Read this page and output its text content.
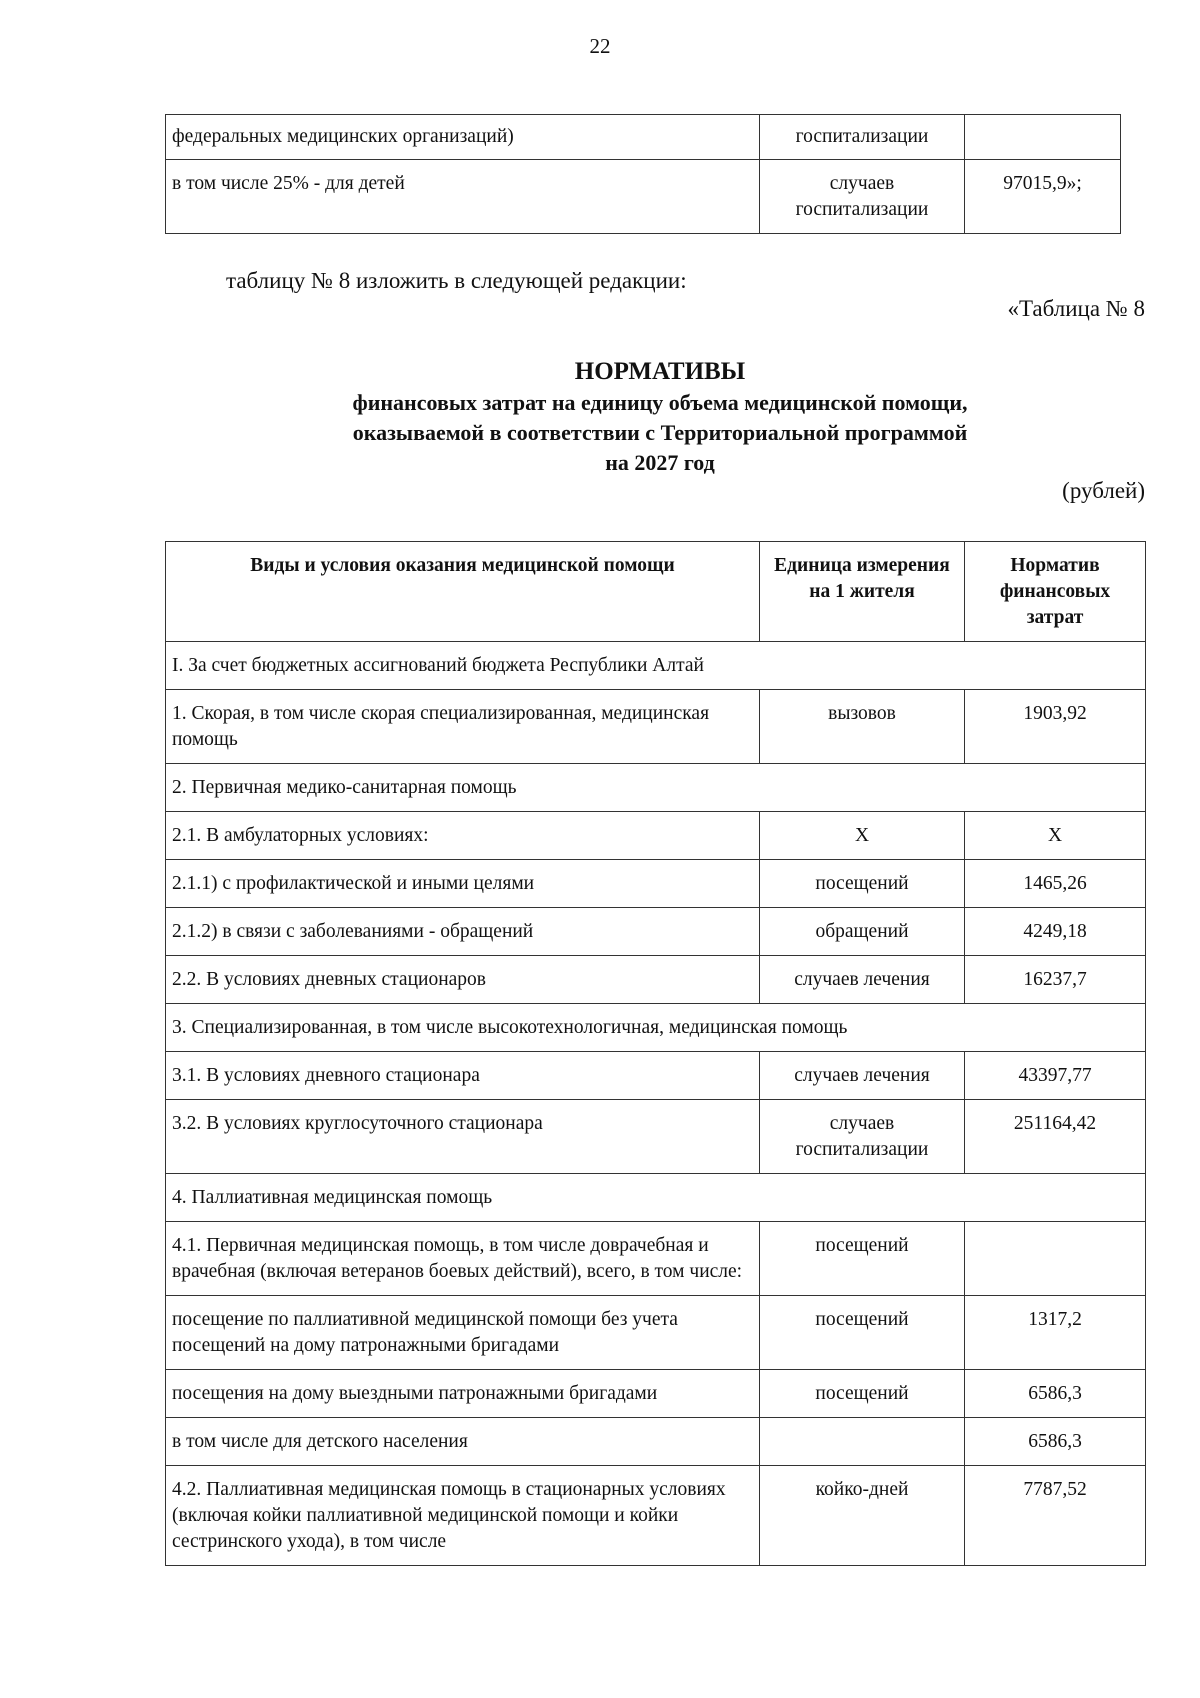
22
федеральных медицинских организаций)	госпитализации	
в том числе 25% - для детей	случаев госпитализации	97015,9»;
таблицу № 8 изложить в следующей редакции:
«Таблица № 8
НОРМАТИВЫ
финансовых затрат на единицу объема медицинской помощи,
оказываемой в соответствии с Территориальной программой
на 2027 год
(рублей)
Виды и условия оказания медицинской помощи	Единица измерения на 1 жителя	Норматив финансовых затрат
I. За счет бюджетных ассигнований бюджета Республики Алтай		
1. Скорая, в том числе скорая специализированная, медицинская помощь	вызовов	1903,92
2. Первичная медико-санитарная помощь		
2.1. В амбулаторных условиях:	Х	Х
2.1.1) с профилактической и иными целями	посещений	1465,26
2.1.2) в связи с заболеваниями - обращений	обращений	4249,18
2.2. В условиях дневных стационаров	случаев лечения	16237,7
3. Специализированная, в том числе высокотехнологичная, медицинская помощь		
3.1. В условиях дневного стационара	случаев лечения	43397,77
3.2. В условиях круглосуточного стационара	случаев госпитализации	251164,42
4. Паллиативная медицинская помощь		
4.1. Первичная медицинская помощь, в том числе доврачебная и врачебная (включая ветеранов боевых действий), всего, в том числе:	посещений	
посещение по паллиативной медицинской помощи без учета посещений на дому патронажными бригадами	посещений	1317,2
посещения на дому выездными патронажными бригадами	посещений	6586,3
в том числе для детского населения		6586,3
4.2. Паллиативная медицинская помощь в стационарных условиях (включая койки паллиативной медицинской помощи и койки сестринского ухода), в том числе	койко-дней	7787,52
